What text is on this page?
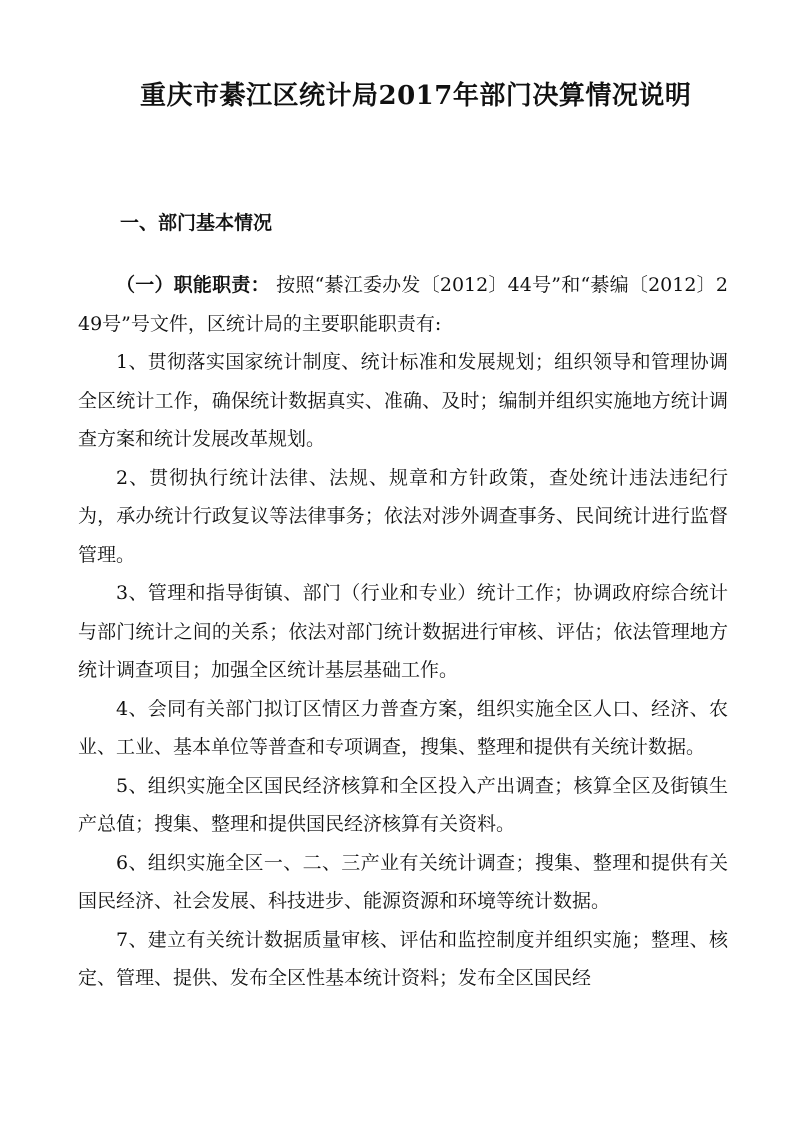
重庆市綦江区统计局2017年部门决算情况说明
一、部门基本情况

（一）职能职责： 按照“綦江委办发〔2012〕44号”和“綦编〔2012〕249号”号文件，区统计局的主要职能职责有:

1、贯彻落实国家统计制度、统计标准和发展规划；组织领导和管理协调全区统计工作，确保统计数据真实、准确、及时；编制并组织实施地方统计调查方案和统计发展改革规划。

2、贯彻执行统计法律、法规、规章和方针政策，查处统计违法违纪行为，承办统计行政复议等法律事务；依法对涉外调查事务、民间统计进行监督管理。

3、管理和指导街镇、部门（行业和专业）统计工作；协调政府综合统计与部门统计之间的关系；依法对部门统计数据进行审核、评估；依法管理地方统计调查项目；加强全区统计基层基础工作。

4、会同有关部门拟订区情区力普查方案，组织实施全区人口、经济、农业、工业、基本单位等普查和专项调查，搜集、整理和提供有关统计数据。

5、组织实施全区国民经济核算和全区投入产出调查；核算全区及街镇生产总值；搜集、整理和提供国民经济核算有关资料。

6、组织实施全区一、二、三产业有关统计调查；搜集、整理和提供有关国民经济、社会发展、科技进步、能源资源和环境等统计数据。

7、建立有关统计数据质量审核、评估和监控制度并组织实施；整理、核定、管理、提供、发布全区性基本统计资料；发布全区国民经
